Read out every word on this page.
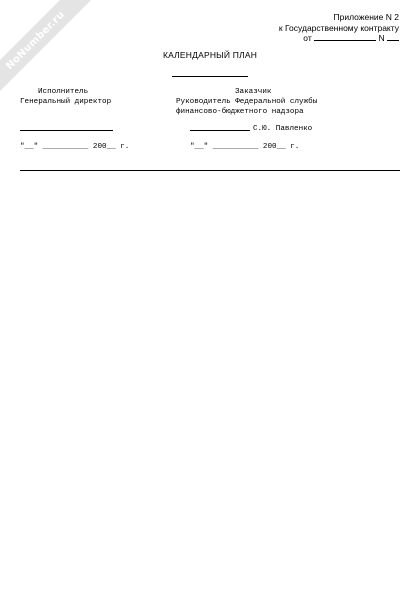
NoNumber.ru	Приложение N 2
к Государственному контракту
от	N
КАЛЕНДАРНЫЙ ПЛАН
Исполнитель
Генеральный директор
"__" __________ 200__ г.
Заказчик
Руководитель Федеральной службы
финансово-бюджетного надзора
С.Ю. Павленко
"__" __________ 200__ г.
